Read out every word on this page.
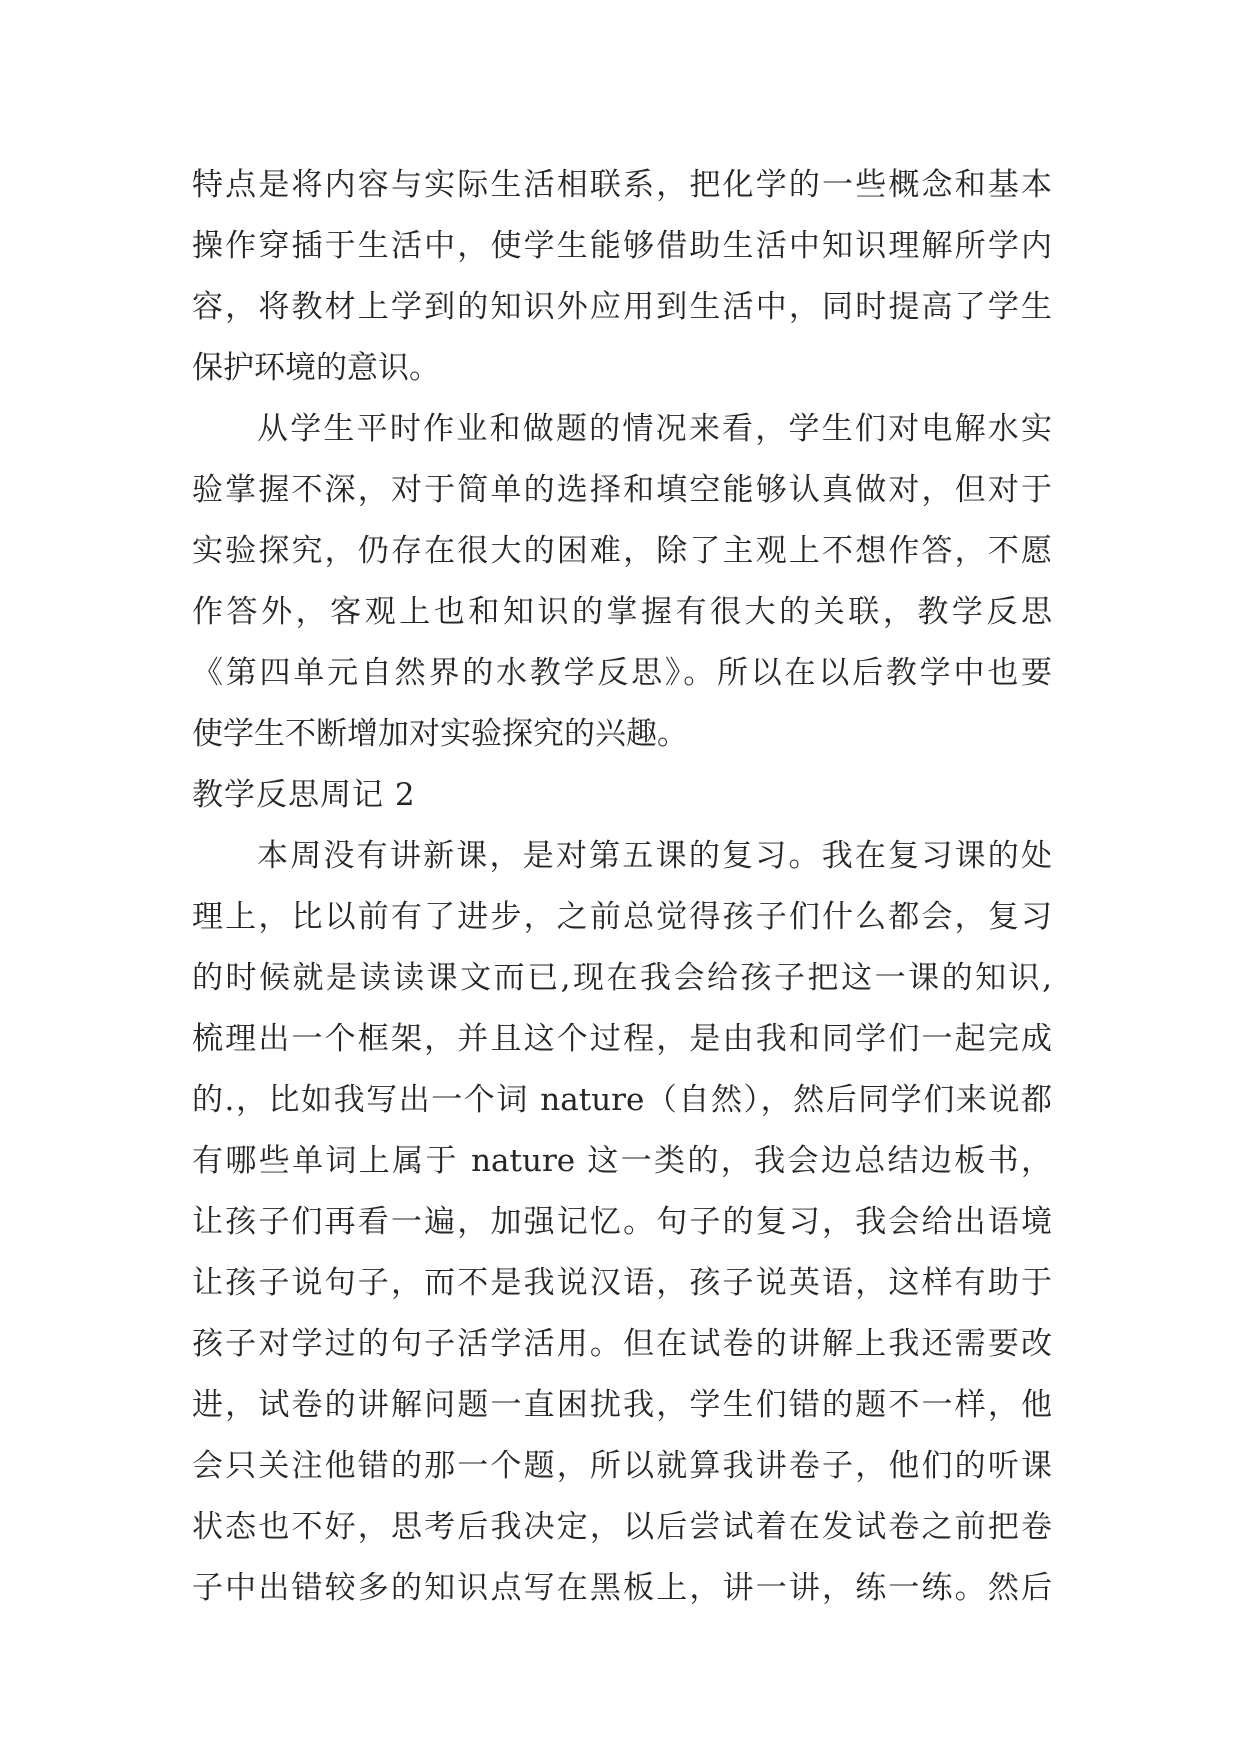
特点是将内容与实际生活相联系，把化学的一些概念和基本
操作穿插于生活中，使学生能够借助生活中知识理解所学内
容，将教材上学到的知识外应用到生活中，同时提高了学生
保护环境的意识。
从学生平时作业和做题的情况来看，学生们对电解水实
验掌握不深，对于简单的选择和填空能够认真做对，但对于
实验探究，仍存在很大的困难，除了主观上不想作答，不愿
作答外，客观上也和知识的掌握有很大的关联，教学反思
《第四单元自然界的水教学反思》。所以在以后教学中也要
使学生不断增加对实验探究的兴趣。
教学反思周记 2
本周没有讲新课，是对第五课的复习。我在复习课的处
理上，比以前有了进步，之前总觉得孩子们什么都会，复习
的时候就是读读课文而已,现在我会给孩子把这一课的知识,
梳理出一个框架，并且这个过程，是由我和同学们一起完成
的.，比如我写出一个词 nature（自然），然后同学们来说都
有哪些单词上属于 nature 这一类的，我会边总结边板书，
让孩子们再看一遍，加强记忆。句子的复习，我会给出语境
让孩子说句子，而不是我说汉语，孩子说英语，这样有助于
孩子对学过的句子活学活用。但在试卷的讲解上我还需要改
进，试卷的讲解问题一直困扰我，学生们错的题不一样，他
会只关注他错的那一个题，所以就算我讲卷子，他们的听课
状态也不好，思考后我决定，以后尝试着在发试卷之前把卷
子中出错较多的知识点写在黑板上，讲一讲，练一练。然后
